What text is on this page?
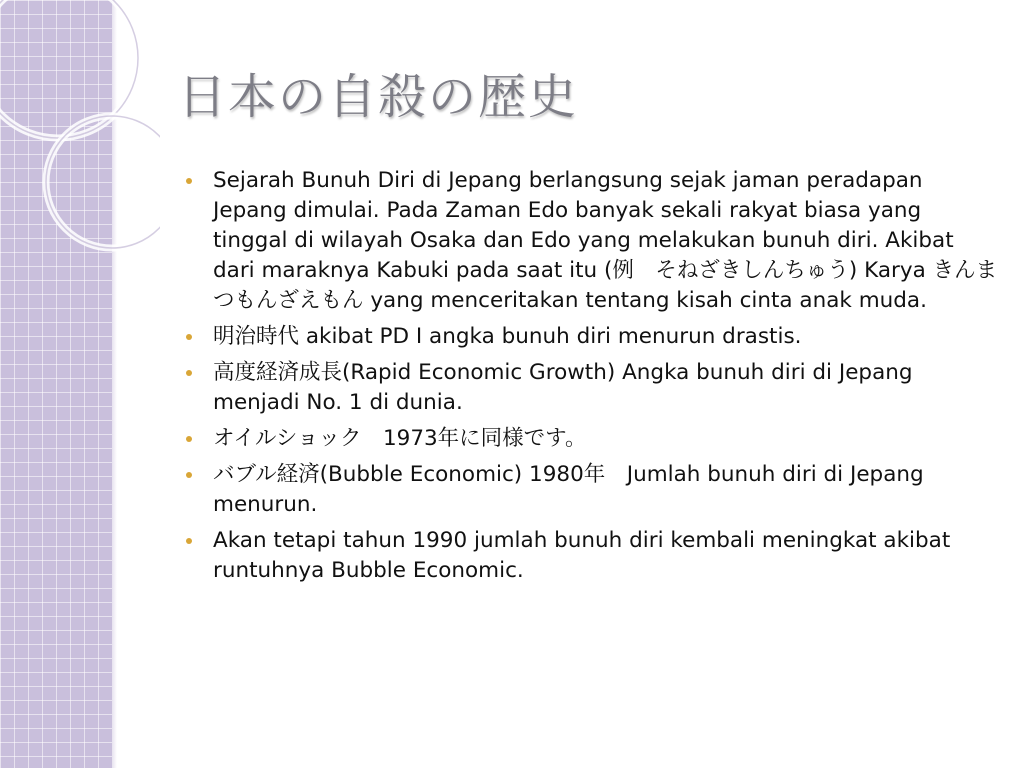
日本の自殺の歴史
Sejarah Bunuh Diri di Jepang berlangsung sejak jaman peradapan Jepang dimulai. Pada Zaman Edo banyak sekali rakyat biasa yang tinggal di wilayah Osaka dan Edo yang melakukan bunuh diri. Akibat dari maraknya Kabuki pada saat itu (例　そねざきしんちゅう) Karya きんまつもんざえもん yang menceritakan tentang kisah cinta anak muda.
明治時代 akibat PD I angka bunuh diri menurun drastis.
高度経済成長(Rapid Economic Growth) Angka bunuh diri di Jepang menjadi No. 1 di dunia.
オイルショック　1973年に同様です。
バブル経済(Bubble Economic) 1980年　Jumlah bunuh diri di Jepang menurun.
Akan tetapi tahun 1990 jumlah bunuh diri kembali meningkat akibat runtuhnya Bubble Economic.
